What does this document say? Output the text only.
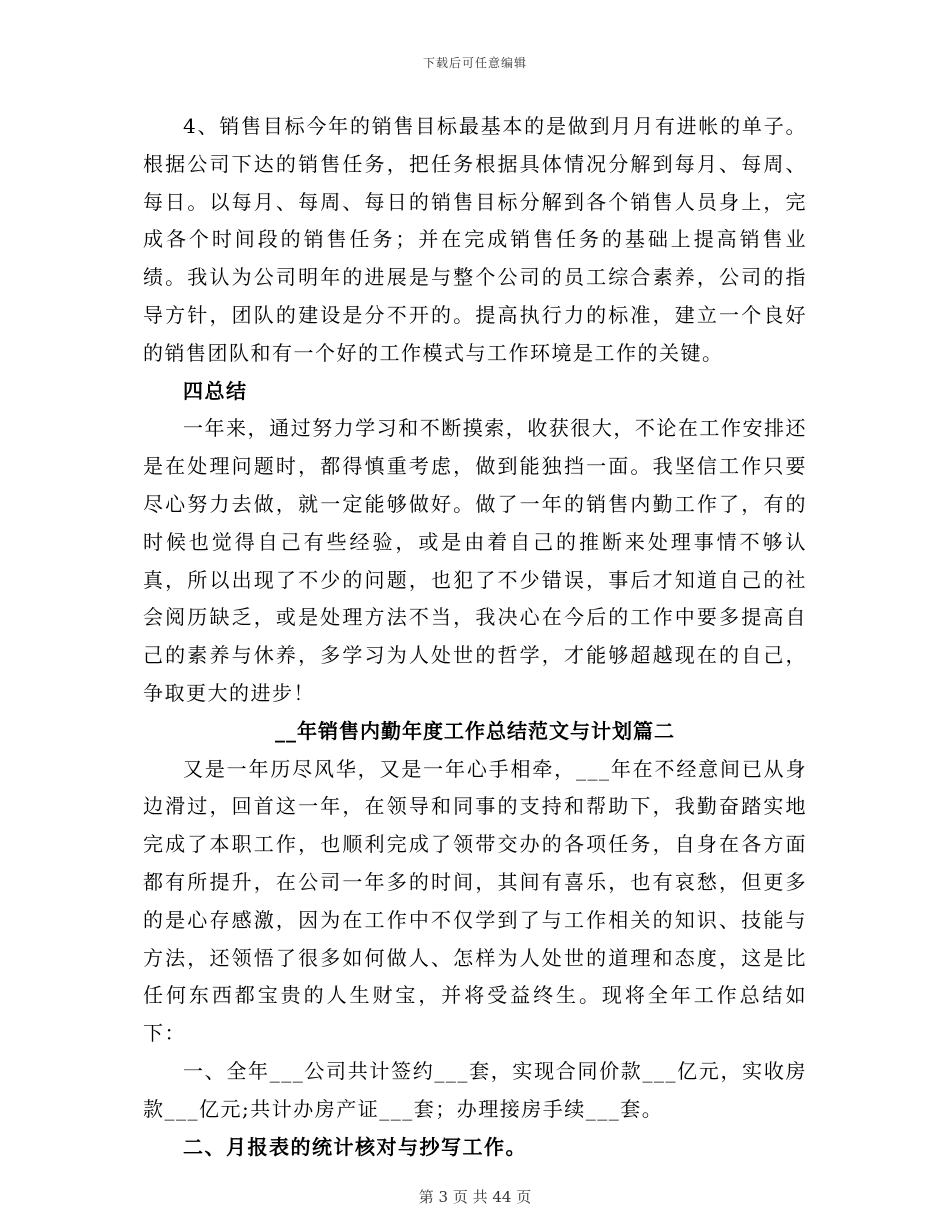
下载后可任意编辑

4、销售目标今年的销售目标最基本的是做到月月有进帐的单子。根据公司下达的销售任务，把任务根据具体情况分解到每月、每周、每日。以每月、每周、每日的销售目标分解到各个销售人员身上，完成各个时间段的销售任务；并在完成销售任务的基础上提高销售业绩。我认为公司明年的进展是与整个公司的员工综合素养，公司的指导方针，团队的建设是分不开的。提高执行力的标准，建立一个良好的销售团队和有一个好的工作模式与工作环境是工作的关键。

四总结

一年来，通过努力学习和不断摸索，收获很大，不论在工作安排还是在处理问题时，都得慎重考虑，做到能独挡一面。我坚信工作只要尽心努力去做，就一定能够做好。做了一年的销售内勤工作了，有的时候也觉得自己有些经验，或是由着自己的推断来处理事情不够认真，所以出现了不少的问题，也犯了不少错误，事后才知道自己的社会阅历缺乏，或是处理方法不当，我决心在今后的工作中要多提高自己的素养与休养，多学习为人处世的哲学，才能够超越现在的自己，争取更大的进步！

__年销售内勤年度工作总结范文与计划篇二

又是一年历尽风华，又是一年心手相牵，___年在不经意间已从身边滑过，回首这一年，在领导和同事的支持和帮助下，我勤奋踏实地完成了本职工作，也顺利完成了领带交办的各项任务，自身在各方面都有所提升，在公司一年多的时间，其间有喜乐，也有哀愁，但更多的是心存感激，因为在工作中不仅学到了与工作相关的知识、技能与方法，还领悟了很多如何做人、怎样为人处世的道理和态度，这是比任何东西都宝贵的人生财宝，并将受益终生。现将全年工作总结如下：

一、全年___公司共计签约___套，实现合同价款___亿元，实收房款___亿元;共计办房产证___套；办理接房手续___套。

二、月报表的统计核对与抄写工作。

第 3 页 共 44 页
